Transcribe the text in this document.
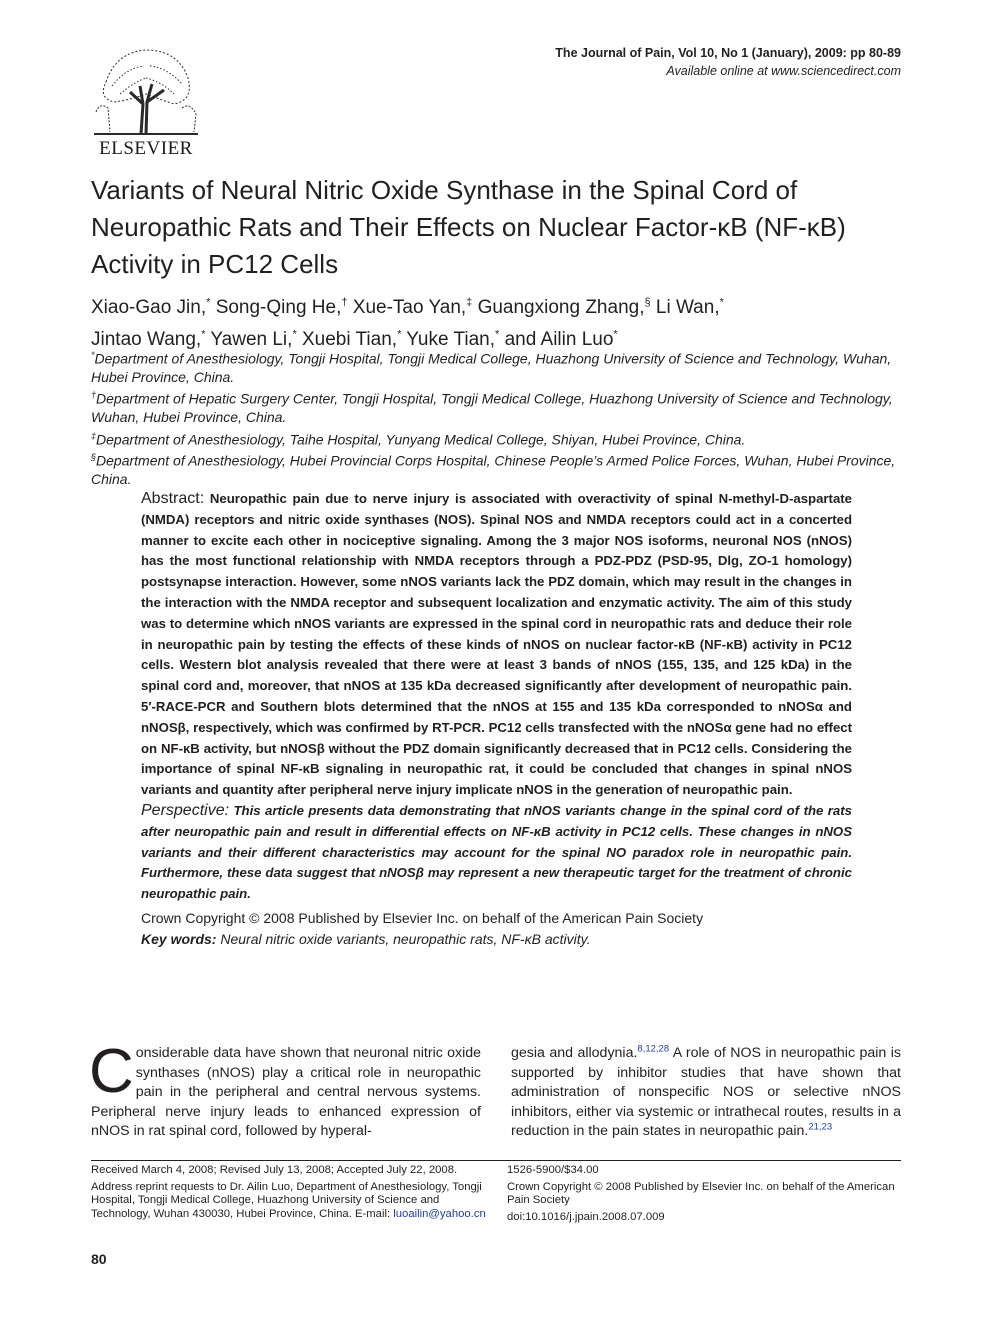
ELSEVIER
The Journal of Pain, Vol 10, No 1 (January), 2009: pp 80-89
Available online at www.sciencedirect.com
Variants of Neural Nitric Oxide Synthase in the Spinal Cord of
Neuropathic Rats and Their Effects on Nuclear Factor-κB (NF-κB)
Activity in PC12 Cells
Xiao-Gao Jin,* Song-Qing He,† Xue-Tao Yan,‡ Guangxiong Zhang,§ Li Wan,*
Jintao Wang,* Yawen Li,* Xuebi Tian,* Yuke Tian,* and Ailin Luo*
*Department of Anesthesiology, Tongji Hospital, Tongji Medical College, Huazhong University of Science and Technology, Wuhan, Hubei Province, China.
†Department of Hepatic Surgery Center, Tongji Hospital, Tongji Medical College, Huazhong University of Science and Technology, Wuhan, Hubei Province, China.
‡Department of Anesthesiology, Taihe Hospital, Yunyang Medical College, Shiyan, Hubei Province, China.
§Department of Anesthesiology, Hubei Provincial Corps Hospital, Chinese People’s Armed Police Forces, Wuhan, Hubei Province, China.
Abstract: Neuropathic pain due to nerve injury is associated with overactivity of spinal N-methyl-D-aspartate (NMDA) receptors and nitric oxide synthases (NOS). Spinal NOS and NMDA receptors could act in a concerted manner to excite each other in nociceptive signaling. Among the 3 major NOS isoforms, neuronal NOS (nNOS) has the most functional relationship with NMDA receptors through a PDZ-PDZ (PSD-95, Dlg, ZO-1 homology) postsynapse interaction. However, some nNOS variants lack the PDZ domain, which may result in the changes in the interaction with the NMDA receptor and subsequent localization and enzymatic activity. The aim of this study was to determine which nNOS variants are expressed in the spinal cord in neuropathic rats and deduce their role in neuropathic pain by testing the effects of these kinds of nNOS on nuclear factor-κB (NF-κB) activity in PC12 cells. Western blot analysis revealed that there were at least 3 bands of nNOS (155, 135, and 125 kDa) in the spinal cord and, moreover, that nNOS at 135 kDa decreased significantly after development of neuropathic pain. 5′-RACE-PCR and Southern blots determined that the nNOS at 155 and 135 kDa corresponded to nNOSα and nNOSβ, respectively, which was confirmed by RT-PCR. PC12 cells transfected with the nNOSα gene had no effect on NF-κB activity, but nNOSβ without the PDZ domain significantly decreased that in PC12 cells. Considering the importance of spinal NF-κB signaling in neuropathic rat, it could be concluded that changes in spinal nNOS variants and quantity after peripheral nerve injury implicate nNOS in the generation of neuropathic pain.
Perspective: This article presents data demonstrating that nNOS variants change in the spinal cord of the rats after neuropathic pain and result in differential effects on NF-κB activity in PC12 cells. These changes in nNOS variants and their different characteristics may account for the spinal NO paradox role in neuropathic pain. Furthermore, these data suggest that nNOSβ may represent a new therapeutic target for the treatment of chronic neuropathic pain.
Crown Copyright © 2008 Published by Elsevier Inc. on behalf of the American Pain Society
Key words: Neural nitric oxide variants, neuropathic rats, NF-κB activity.
Considerable data have shown that neuronal nitric oxide synthases (nNOS) play a critical role in neuropathic pain in the peripheral and central nervous systems. Peripheral nerve injury leads to enhanced expression of nNOS in rat spinal cord, followed by hyperal-
gesia and allodynia.$^{8,12,28}$ A role of NOS in neuropathic pain is supported by inhibitor studies that have shown that administration of nonspecific NOS or selective nNOS inhibitors, either via systemic or intrathecal routes, results in a reduction in the pain states in neuropathic pain.$^{21,23}$

Received March 4, 2008; Revised July 13, 2008; Accepted July 22, 2008.

Address reprint requests to Dr. Ailin Luo, Department of Anesthesiology, Tongji Hospital, Tongji Medical College, Huazhong University of Science and Technology, Wuhan 430030, Hubei Province, China. E-mail: luoailin@yahoo.cn

1526-5900/$34.00

Crown Copyright © 2008 Published by Elsevier Inc. on behalf of the American Pain Society

doi:10.1016/j.jpain.2008.07.009

80
